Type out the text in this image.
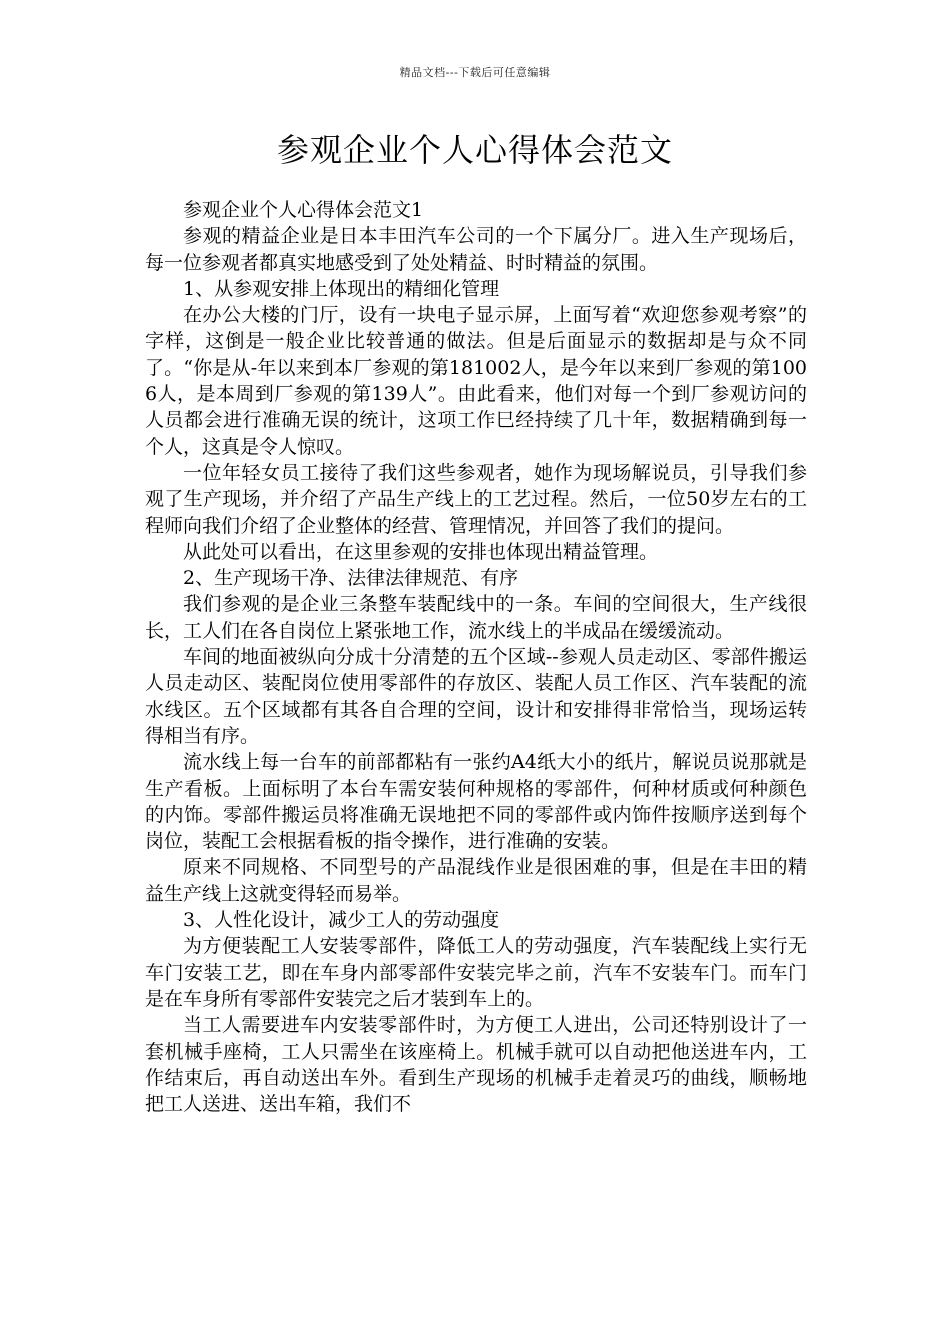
精品文档---下载后可任意编辑
参观企业个人心得体会范文

参观企业个人心得体会范文1

参观的精益企业是日本丰田汽车公司的一个下属分厂。进入生产现场后，每一位参观者都真实地感受到了处处精益、时时精益的氛围。

1、从参观安排上体现出的精细化管理

在办公大楼的门厅，设有一块电子显示屏，上面写着“欢迎您参观考察”的字样，这倒是一般企业比较普通的做法。但是后面显示的数据却是与众不同了。“你是从-年以来到本厂参观的第181002人，是今年以来到厂参观的第1006人，是本周到厂参观的第139人”。由此看来，他们对每一个到厂参观访问的人员都会进行准确无误的统计，这项工作巳经持续了几十年，数据精确到每一个人，这真是令人惊叹。

一位年轻女员工接待了我们这些参观者，她作为现场解说员，引导我们参观了生产现场，并介绍了产品生产线上的工艺过程。然后，一位50岁左右的工程师向我们介绍了企业整体的经营、管理情况，并回答了我们的提问。

从此处可以看出，在这里参观的安排也体现出精益管理。

2、生产现场干净、法律法律规范、有序

我们参观的是企业三条整车装配线中的一条。车间的空间很大，生产线很长，工人们在各自岗位上紧张地工作，流水线上的半成品在缓缓流动。

车间的地面被纵向分成十分清楚的五个区域--参观人员走动区、零部件搬运人员走动区、装配岗位使用零部件的存放区、装配人员工作区、汽车装配的流水线区。五个区域都有其各自合理的空间，设计和安排得非常恰当，现场运转得相当有序。

流水线上每一台车的前部都粘有一张约A4纸大小的纸片，解说员说那就是生产看板。上面标明了本台车需安装何种规格的零部件，何种材质或何种颜色的内饰。零部件搬运员将准确无误地把不同的零部件或内饰件按顺序送到每个岗位，装配工会根据看板的指令操作，进行准确的安装。

原来不同规格、不同型号的产品混线作业是很困难的事，但是在丰田的精益生产线上这就变得轻而易举。

3、人性化设计，减少工人的劳动强度

为方便装配工人安装零部件，降低工人的劳动强度，汽车装配线上实行无车门安装工艺，即在车身内部零部件安装完毕之前，汽车不安装车门。而车门是在车身所有零部件安装完之后才装到车上的。

当工人需要进车内安装零部件时，为方便工人进出，公司还特别设计了一套机械手座椅，工人只需坐在该座椅上。机械手就可以自动把他送进车内，工作结束后，再自动送出车外。看到生产现场的机械手走着灵巧的曲线，顺畅地把工人送进、送出车箱，我们不
